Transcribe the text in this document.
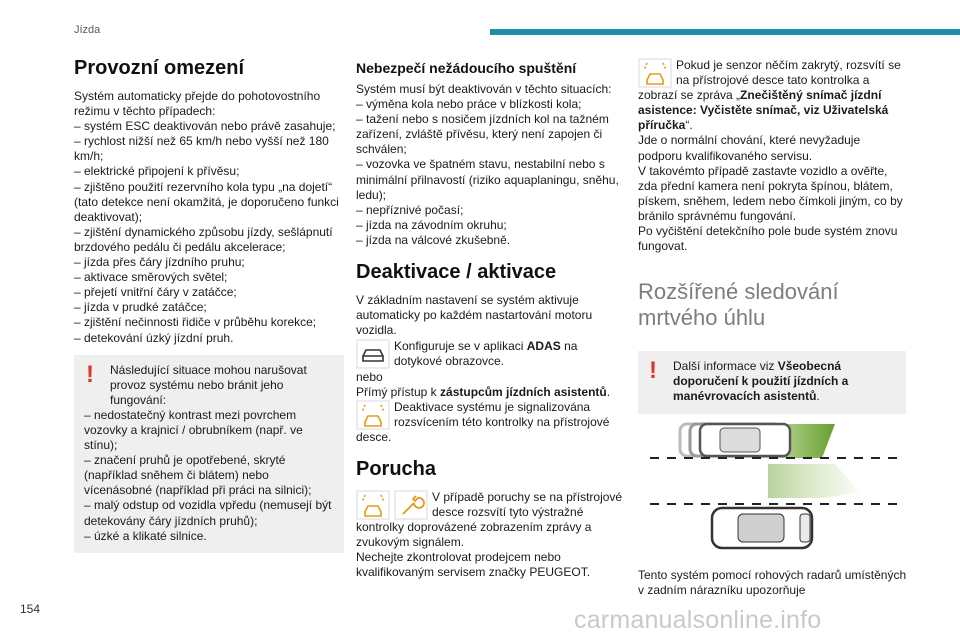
Jízda
Provozní omezení

Systém automaticky přejde do pohotovostního režimu v těchto případech:

– systém ESC deaktivován nebo právě zasahuje;

– rychlost nižší než 65 km/h nebo vyšší než 180 km/h;

– elektrické připojení k přívěsu;

– zjištěno použití rezervního kola typu „na dojetí“ (tato detekce není okamžitá, je doporučeno funkci deaktivovat);

– zjištění dynamického způsobu jízdy, sešlápnutí brzdového pedálu či pedálu akcelerace;

– jízda přes čáry jízdního pruhu;

– aktivace směrových světel;

– přejetí vnitřní čáry v zatáčce;

– jízda v prudké zatáčce;

– zjištění nečinnosti řidiče v průběhu korekce;

– detekování úzký jízdní pruh.

!	Následující situace mohou narušovat provoz systému nebo bránit jeho fungování:

– nedostatečný kontrast mezi povrchem vozovky a krajnicí / obrubníkem (např. ve stínu);

– značení pruhů je opotřebené, skryté (například sněhem či blátem) nebo vícenásobné (například při práci na silnici);

– malý odstup od vozidla vpředu (nemusejí být detekovány čáry jízdních pruhů);

– úzké a klikaté silnice.

Nebezpečí nežádoucího spuštění

Systém musí být deaktivován v těchto situacích:

– výměna kola nebo práce v blízkosti kola;

– tažení nebo s nosičem jízdních kol na tažném zařízení, zvláště přívěsu, který není zapojen či schválen;

– vozovka ve špatném stavu, nestabilní nebo s minimální přilnavostí (riziko aquaplaningu, sněhu, ledu);

– nepříznivé počasí;

– jízda na závodním okruhu;

– jízda na válcové zkušebně.

Deaktivace / aktivace

V základním nastavení se systém aktivuje automaticky po každém nastartování motoru vozidla.

Konfiguruje se v aplikaci ADAS na dotykové obrazovce.

nebo

Přímý přístup k zástupcům jízdních asistentů.

Deaktivace systému je signalizována rozsvícením této kontrolky na přístrojové desce.

Porucha

V případě poruchy se na přístrojové desce rozsvítí tyto výstražné kontrolky doprovázené zobrazením zprávy a zvukovým signálem.

Nechejte zkontrolovat prodejcem nebo kvalifikovaným servisem značky PEUGEOT.

Pokud je senzor něčím zakrytý, rozsvítí se na přístrojové desce tato kontrolka a zobrazí se zpráva „Znečištěný snímač jízdní asistence: Vyčistěte snímač, viz Uživatelská příručka“.

Jde o normální chování, které nevyžaduje podporu kvalifikovaného servisu.

V takovémto případě zastavte vozidlo a ověřte, zda přední kamera není pokryta špínou, blátem, pískem, sněhem, ledem nebo čímkoli jiným, co by bránilo správnému fungování.

Po vyčištění detekčního pole bude systém znovu fungovat.

Rozšířené sledování mrtvého úhlu
!	Další informace viz Všeobecná doporučení k použití jízdních a manévrovacích asistentů.

Tento systém pomocí rohových radarů umístěných v zadním nárazníku upozorňuje

154	carmanualsonline.info
